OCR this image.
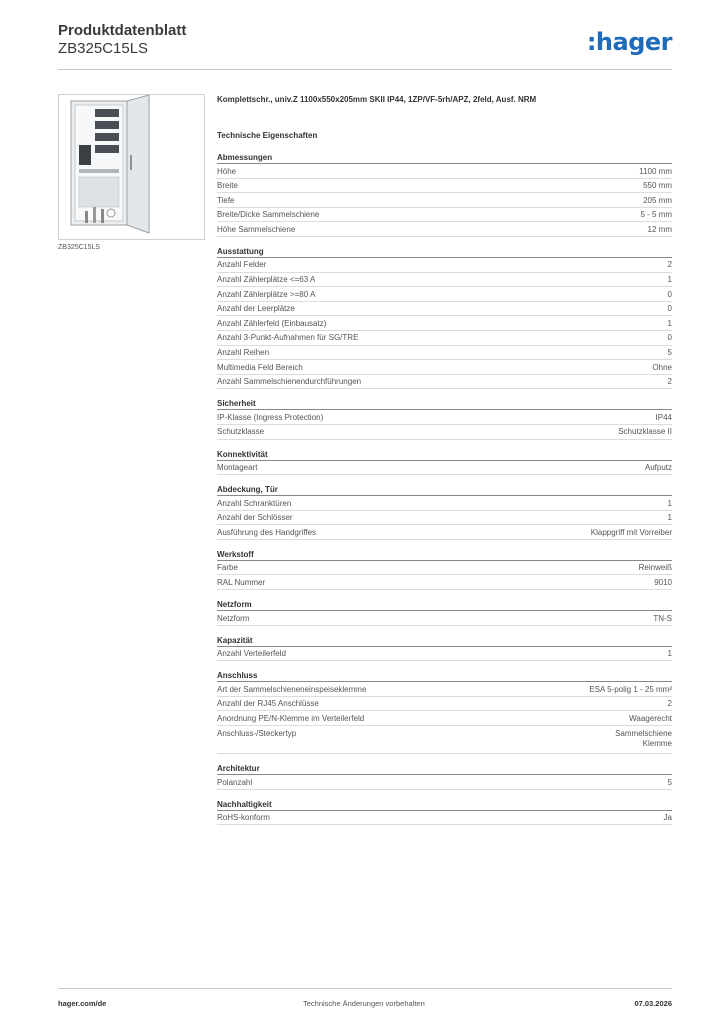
Produktdatenblatt
ZB325C15LS	:hager
ZB325C15LS
Komplettschr., univ.Z 1100x550x205mm SKII IP44, 1ZP/VF-5rh/APZ, 2feld, Ausf. NRM
Technische Eigenschaften
Abmessungen
Höhe	1100 mm
Breite	550 mm
Tiefe	205 mm
Breite/Dicke Sammelschiene	5 - 5 mm
Höhe Sammelschiene	12 mm
Ausstattung
Anzahl Felder	2
Anzahl Zählerplätze <=63 A	1
Anzahl Zählerplätze >=80 A	0
Anzahl der Leerplätze	0
Anzahl Zählerfeld (Einbausatz)	1
Anzahl 3-Punkt-Aufnahmen für SG/TRE	0
Anzahl Reihen	5
Multimedia Feld Bereich	Ohne
Anzahl Sammelschienendurchführungen	2
Sicherheit
IP-Klasse (Ingress Protection)	IP44
Schutzklasse	Schutzklasse II
Konnektivität
Montageart	Aufputz
Abdeckung, Tür
Anzahl Schranktüren	1
Anzahl der Schlösser	1
Ausführung des Handgriffes	Klappgriff mit Vorreiber
Werkstoff
Farbe	Reinweiß
RAL Nummer	9010
Netzform
Netzform	TN-S
Kapazität
Anzahl Verteilerfeld	1
Anschluss
Art der Sammelschieneneinspeiseklemme	ESA 5-polig 1 - 25 mm²
Anzahl der RJ45 Anschlüsse	2
Anordnung PE/N-Klemme im Verteilerfeld	Waagerecht
Anschluss-/Steckertyp	Sammelschiene
Klemme
Architektur
Polanzahl	5
Nachhaltigkeit
RoHS-konform	Ja
hager.com/de	Technische Änderungen vorbehalten	07.03.2026
